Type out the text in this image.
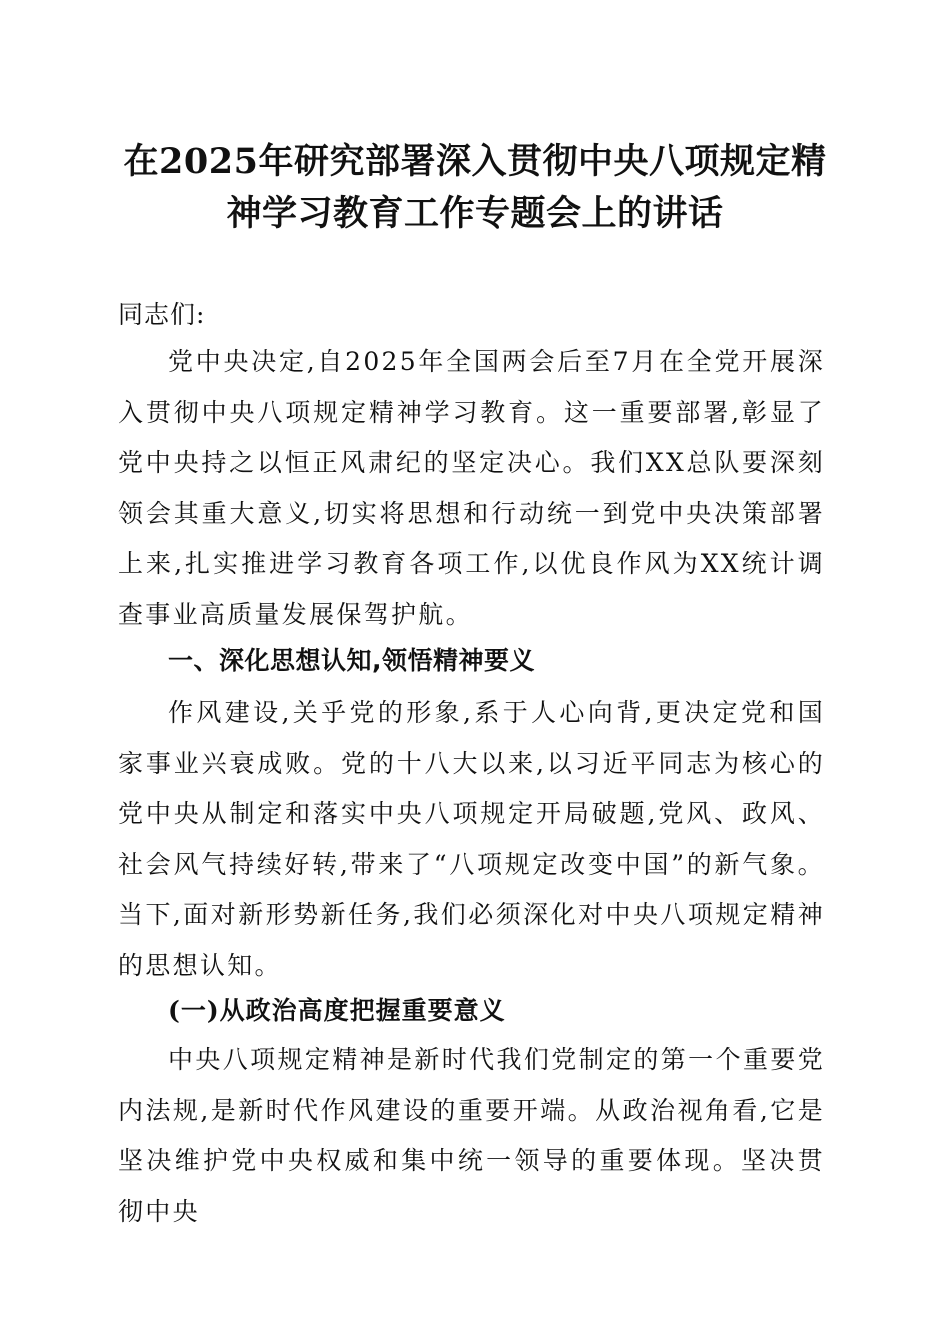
在2025年研究部署深入贯彻中央八项规定精神学习教育工作专题会上的讲话

同志们:

党中央决定,自2025年全国两会后至7月在全党开展深入贯彻中央八项规定精神学习教育。这一重要部署,彰显了党中央持之以恒正风肃纪的坚定决心。我们XX总队要深刻领会其重大意义,切实将思想和行动统一到党中央决策部署上来,扎实推进学习教育各项工作,以优良作风为XX统计调查事业高质量发展保驾护航。

一、深化思想认知,领悟精神要义

作风建设,关乎党的形象,系于人心向背,更决定党和国家事业兴衰成败。党的十八大以来,以习近平同志为核心的党中央从制定和落实中央八项规定开局破题,党风、政风、社会风气持续好转,带来了“八项规定改变中国”的新气象。当下,面对新形势新任务,我们必须深化对中央八项规定精神的思想认知。

(一)从政治高度把握重要意义

中央八项规定精神是新时代我们党制定的第一个重要党内法规,是新时代作风建设的重要开端。从政治视角看,它是坚决维护党中央权威和集中统一领导的重要体现。坚决贯彻中央
